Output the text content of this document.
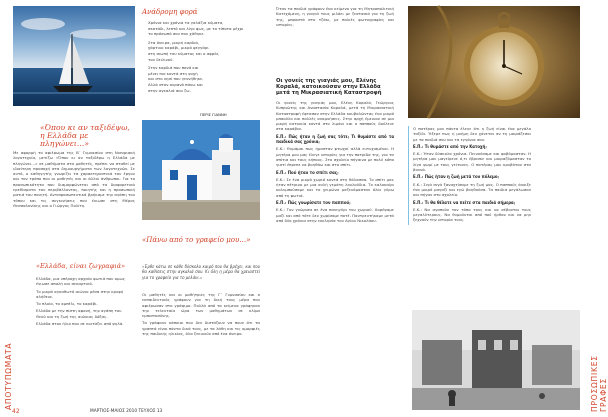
ΑΠΟΤΥΠΩΜΑΤΑ	ΠΡΟΣΩΠΙΚΕΣ ΓΡΑΦΕΣ
42	ΜΑΡΤΙΟΣ-ΜΑΙΟΣ 2010 ΤΕΥΧΟΣ 13
«Όπου κι αν ταξιδέψω, η Ελλάδα με πληγώνει…»
Με αφορμή το αφιέρωμα της Β΄ Γυμνασίου στη Νισυριακή λογοτεχνία, μετίζω «Όπου κι αν ταξιδέψω η Ελλάδα με πληγώνει…» σε μαθήματα στα μαθητές, πρέπει να σταθεί με ιδιαίτερη προσοχή στα δημιουργήματα των λογοτεχνών. Σε αυτό, ο καθηγητής γνωρίζει τα χαρακτηριστικά του έργου και τον τρόπο που οι μαθητές και οι άλλοι άνθρωποι. Για το προσωπικότητα που διαμορφώνεται από τα διαφορετικά ερεθίσματα του περιβάλλοντος, ποιητής και η προσωπική ματιά του ποιητή. Αντιπροσωπευτικά βρήκαμε την αγάπη του τόπου και τις συγκινήσεις που ένιωσε στη Μέρος Θεσσαλονίκης και ο Γιώργος Πολίτη.
«Ελλάδα, είναι ζωγραφιά»

Ελλάδα, μια υπέροχη αρχαία φωτιά που ομως ένιωσε απαλή και σεκαρτικό.

Το μικρό αγκαθωτό αιώνιο μέσα στην κρυφή αλήθεια.

Το πλοίο, το αμπέλι, το καράβι.

Ελλάδα με την πίστη αφανή, την αγάπη του Θεού και τη ζωή της αιώνιας δόξας.

Ελλάδα στον ήλιο που σε κοιτάζει από ψηλά.

Ανάδρομη φορά

Χρόνια και χρόνια τα γαλάζια κύματα,

σκοτάδι, λεπτό και λίγο φως, με το τίποτα μέχρι

το πρόσωπό σου που χάθηκε.

Στα όνειρα, μικρή καρδιά,

χάρτινο καράβι, μικρό φεγγάρι

στη σιωπή του κύματος και ο αφρός

του δειλινού.

Στην καρδιά που πονά και

μένει πιο κοντά στη ψυχή

και στο νησί που γεννήθηκε.

Αλλά στον ουρανό πάνω και

στην αγκαλιά σου ζω.

ΠΕΡΙΣ ΓΙΑΝΝΗ
«Πάνω από το γραφείο μου…»
«Έρθε κάτω σε κάθε δύσκολο καιρό που θα βρέχει, και που θα καθίσεις στην αγκαλιά σου. Κι όλη η μέρα θα χρειαστεί για το γραφείο για το μελάνι.»

Οι μαθητές και οι μαθήτριες της Γ΄ Γυμνασίου και ο εκπαιδευτικός γράφουν για τη δική τους μέρα που αφιέρωσαν στο γράψιμο. Πολλά από τα κείμενα γράφηκαν την τελευταία ώρα των μαθημάτων σε κλίμα εμπιστοσύνης.

Τα γράφουν κάποιοι που δεν διστάζουν να πουν ότι τα γραπτά είναι πάντα δικά τους, με τα λάθη και τις ομορφιές της παιδικής ηλικίας, όλα ξεκινούν από ένα όνειρο.

Όταν τα παιδιά γράφουν ένα κείμενο για τη Μητροπολιτική Κατεχόμενη, η γιαγιά τους μιλάει με ζεστασιά για τη ζωή της, μπροστά στο τζάκι, με παλιές φωτογραφίες και ιστορίες.
Οι γονείς της γιαγιάς μου, Ελένης Κοραλά, κατοικούσαν στην Ελλάδα μετά τη Μικρασιατική Καταστροφή

Οι γονείς της γιαγιάς μου, Ελένη Κοραλά, Γεώργιος Κυπριώτης και Αναστασία Κοραλά, μετά τη Μικρασιατική Καταστροφή έφτασαν στην Ελλάδα κουβαλώντας ένα μικρό μπαούλο και πολλές αναμνήσεις. Στην αρχή έμειναν σε μια μικρή κατοικία κοντά στο λιμάνι και ο παππούς δούλευε στα καράβια.

Ε.Π.: Πώς ήταν η ζωή σας τότε; Τι θυμάστε από τα παιδικά σας χρόνια;

Ε.Κ.: Θυμάμαι πως ήμασταν φτωχοί αλλά ευτυχισμένοι. Η μητέρα μου μας έλεγε ιστορίες για την πατρίδα της, για τα σπίτια και τους κήπους. Στο σχολείο πήγαινα με πολύ κόπο γιατί έπρεπε να βοηθάω και στο σπίτι.

Ε.Π.: Πού ήταν το σπίτι σας;

Ε.Κ.: Σε ένα μικρό χωριό κοντά στη θάλασσα. Το σπίτι μας ήταν πέτρινο με μια αυλή γεμάτη λουλούδια. Το καλοκαίρι κολυμπούσαμε και το χειμώνα μαζευόμασταν όλοι γύρω από τη φωτιά.

Ε.Π.: Πώς γνωρίσατε τον παππού;

Ε.Κ.: Τον γνώρισα σε ένα πανηγύρι του χωριού. Χορέψαμε μαζί και από τότε δεν χωρίσαμε ποτέ. Παντρευτήκαμε μετά από δύο χρόνια στην εκκλησία του Αγίου Νικολάου.

Ο πατέρας μου πάντα έλεγε ότι η ζωή είναι ένα μεγάλο ταξίδι. Ήξερε πως η μνήμη δεν χάνεται αν τη μοιράζεσαι με τα παιδιά σου και τα εγγόνια σου.

Ε.Π.: Τι θυμάστε από την Κατοχή;

Ε.Κ.: Ήταν δύσκολα χρόνια. Πεινούσαμε και φοβόμασταν. Η μητέρα μου μαγείρευε ό,τι έβρισκε και μοιραζόμασταν το λίγο ψωμί με τους γείτονες. Ο πατέρας μου κρυβόταν στα βουνά.

Ε.Π.: Πώς ήταν η ζωή μετά τον πόλεμο;

Ε.Κ.: Σιγά σιγά ξαναχτίσαμε τη ζωή μας. Ο παππούς άνοιξε ένα μικρό μαγαζί και εγώ βοηθούσα. Τα παιδιά μεγάλωσαν και πήγαν στο σχολείο.

Ε.Π.: Τι θα θέλατε να πείτε στα παιδιά σήμερα;

Ε.Κ.: Να αγαπούν τον τόπο τους και να σέβονται τους μεγαλύτερους. Να θυμούνται από πού ήρθαν και να μην ξεχνούν την ιστορία τους.
